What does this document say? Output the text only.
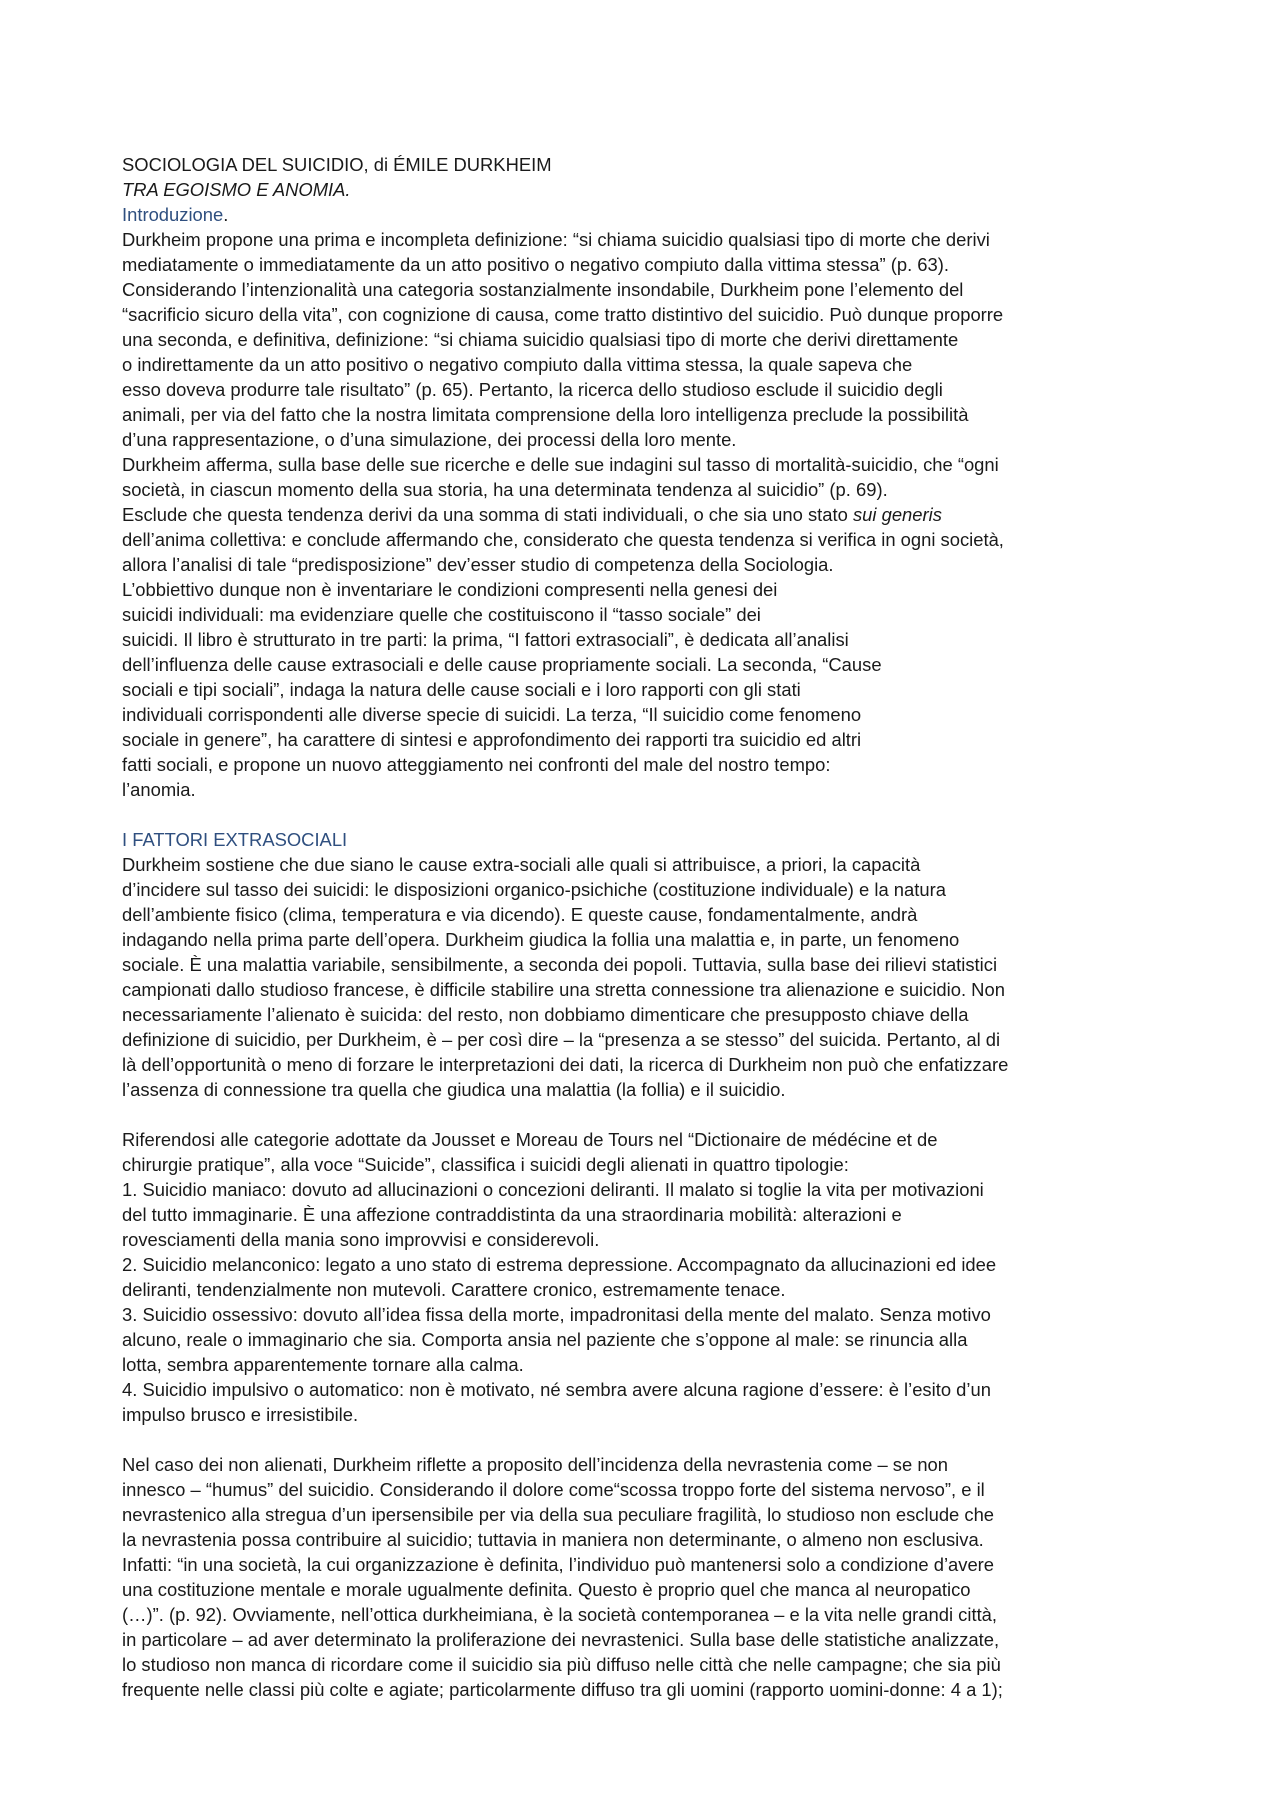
SOCIOLOGIA DEL SUICIDIO, di ÉMILE DURKHEIM
TRA EGOISMO E ANOMIA.
Introduzione.
Durkheim propone una prima e incompleta definizione: “si chiama suicidio qualsiasi tipo di morte che derivi
mediatamente o immediatamente da un atto positivo o negativo compiuto dalla vittima stessa” (p. 63).
Considerando l’intenzionalità una categoria sostanzialmente insondabile, Durkheim pone l’elemento del
“sacrificio sicuro della vita”, con cognizione di causa, come tratto distintivo del suicidio. Può dunque proporre
una seconda, e definitiva, definizione: “si chiama suicidio qualsiasi tipo di morte che derivi direttamente
o indirettamente da un atto positivo o negativo compiuto dalla vittima stessa, la quale sapeva che
esso doveva produrre tale risultato” (p. 65). Pertanto, la ricerca dello studioso esclude il suicidio degli
animali, per via del fatto che la nostra limitata comprensione della loro intelligenza preclude la possibilità
d’una rappresentazione, o d’una simulazione, dei processi della loro mente.
Durkheim afferma, sulla base delle sue ricerche e delle sue indagini sul tasso di mortalità-suicidio, che “ogni
società, in ciascun momento della sua storia, ha una determinata tendenza al suicidio” (p. 69).
Esclude che questa tendenza derivi da una somma di stati individuali, o che sia uno stato sui generis
dell’anima collettiva: e conclude affermando che, considerato che questa tendenza si verifica in ogni società,
allora l’analisi di tale “predisposizione” dev’esser studio di competenza della Sociologia.
L’obbiettivo dunque non è inventariare le condizioni compresenti nella genesi dei
suicidi individuali: ma evidenziare quelle che costituiscono il “tasso sociale” dei
suicidi. Il libro è strutturato in tre parti: la prima, “I fattori extrasociali”, è dedicata all’analisi
dell’influenza delle cause extrasociali e delle cause propriamente sociali. La seconda, “Cause
sociali e tipi sociali”, indaga la natura delle cause sociali e i loro rapporti con gli stati
individuali corrispondenti alle diverse specie di suicidi. La terza, “Il suicidio come fenomeno
sociale in genere”, ha carattere di sintesi e approfondimento dei rapporti tra suicidio ed altri
fatti sociali, e propone un nuovo atteggiamento nei confronti del male del nostro tempo:
l’anomia.
I FATTORI EXTRASOCIALI
Durkheim sostiene che due siano le cause extra-sociali alle quali si attribuisce, a priori, la capacità
d’incidere sul tasso dei suicidi: le disposizioni organico-psichiche (costituzione individuale) e la natura
dell’ambiente fisico (clima, temperatura e via dicendo). E queste cause, fondamentalmente, andrà
indagando nella prima parte dell’opera. Durkheim giudica la follia una malattia e, in parte, un fenomeno
sociale. È una malattia variabile, sensibilmente, a seconda dei popoli. Tuttavia, sulla base dei rilievi statistici
campionati dallo studioso francese, è difficile stabilire una stretta connessione tra alienazione e suicidio. Non
necessariamente l’alienato è suicida: del resto, non dobbiamo dimenticare che presupposto chiave della
definizione di suicidio, per Durkheim, è – per così dire – la “presenza a se stesso” del suicida. Pertanto, al di
là dell’opportunità o meno di forzare le interpretazioni dei dati, la ricerca di Durkheim non può che enfatizzare
l’assenza di connessione tra quella che giudica una malattia (la follia) e il suicidio.
Riferendosi alle categorie adottate da Jousset e Moreau de Tours nel “Dictionaire de médécine et de
chirurgie pratique”, alla voce “Suicide”, classifica i suicidi degli alienati in quattro tipologie:
1. Suicidio maniaco: dovuto ad allucinazioni o concezioni deliranti. Il malato si toglie la vita per motivazioni
del tutto immaginarie. È una affezione contraddistinta da una straordinaria mobilità: alterazioni e
rovesciamenti della mania sono improvvisi e considerevoli.
2. Suicidio melanconico: legato a uno stato di estrema depressione. Accompagnato da allucinazioni ed idee
deliranti, tendenzialmente non mutevoli. Carattere cronico, estremamente tenace.
3. Suicidio ossessivo: dovuto all’idea fissa della morte, impadronitasi della mente del malato. Senza motivo
alcuno, reale o immaginario che sia. Comporta ansia nel paziente che s’oppone al male: se rinuncia alla
lotta, sembra apparentemente tornare alla calma.
4. Suicidio impulsivo o automatico: non è motivato, né sembra avere alcuna ragione d’essere: è l’esito d’un
impulso brusco e irresistibile.
Nel caso dei non alienati, Durkheim riflette a proposito dell’incidenza della nevrastenia come – se non
innesco – “humus” del suicidio. Considerando il dolore come“scossa troppo forte del sistema nervoso”, e il
nevrastenico alla stregua d’un ipersensibile per via della sua peculiare fragilità, lo studioso non esclude che
la nevrastenia possa contribuire al suicidio; tuttavia in maniera non determinante, o almeno non esclusiva.
Infatti: “in una società, la cui organizzazione è definita, l’individuo può mantenersi solo a condizione d’avere
una costituzione mentale e morale ugualmente definita. Questo è proprio quel che manca al neuropatico
(…)”. (p. 92). Ovviamente, nell’ottica durkheimiana, è la società contemporanea – e la vita nelle grandi città,
in particolare – ad aver determinato la proliferazione dei nevrastenici. Sulla base delle statistiche analizzate,
lo studioso non manca di ricordare come il suicidio sia più diffuso nelle città che nelle campagne; che sia più
frequente nelle classi più colte e agiate; particolarmente diffuso tra gli uomini (rapporto uomini-donne: 4 a 1);
